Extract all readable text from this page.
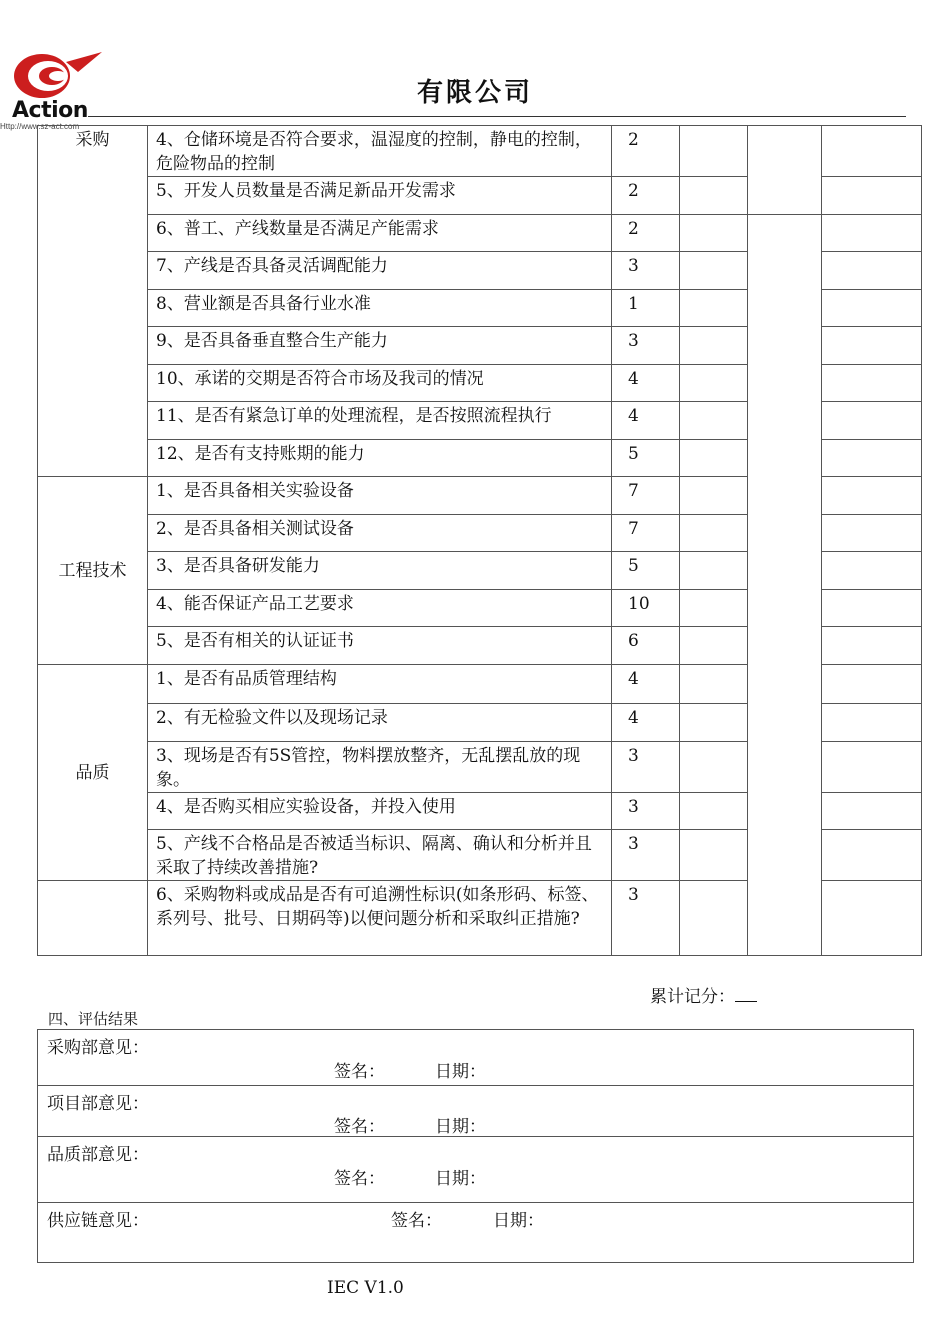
Action
Http://www.sz-act.com
有限公司
采购	4、仓储环境是否符合要求，温湿度的控制，静电的控制，危险物品的控制	2				
	5、开发人员数量是否满足新品开发需求	2				
	6、普工、产线数量是否满足产能需求	2				
	7、产线是否具备灵活调配能力	3				
	8、营业额是否具备行业水准	1				
	9、是否具备垂直整合生产能力	3				
	10、承诺的交期是否符合市场及我司的情况	4				
	11、是否有紧急订单的处理流程，是否按照流程执行	4				
	12、是否有支持账期的能力	5				
工程技术	1、是否具备相关实验设备	7				
	2、是否具备相关测试设备	7				
	3、是否具备研发能力	5				
	4、能否保证产品工艺要求	10				
	5、是否有相关的认证证书	6				
品质	1、是否有品质管理结构	4				
	2、有无检验文件以及现场记录	4				
	3、现场是否有5S管控，物料摆放整齐，无乱摆乱放的现象。	3				
	4、是否购买相应实验设备，并投入使用	3				
	5、产线不合格品是否被适当标识、隔离、确认和分析并且采取了持续改善措施?	3				
	6、采购物料或成品是否有可追溯性标识(如条形码、标签、系列号、批号、日期码等)以便问题分析和采取纠正措施?	3				
累计记分：
四、评估结果
采购部意见：
签名：	日期：

项目部意见：
签名：	日期：

品质部意见：
签名：	日期：

供应链意见：	签名：	日期：
IEC V1.0
